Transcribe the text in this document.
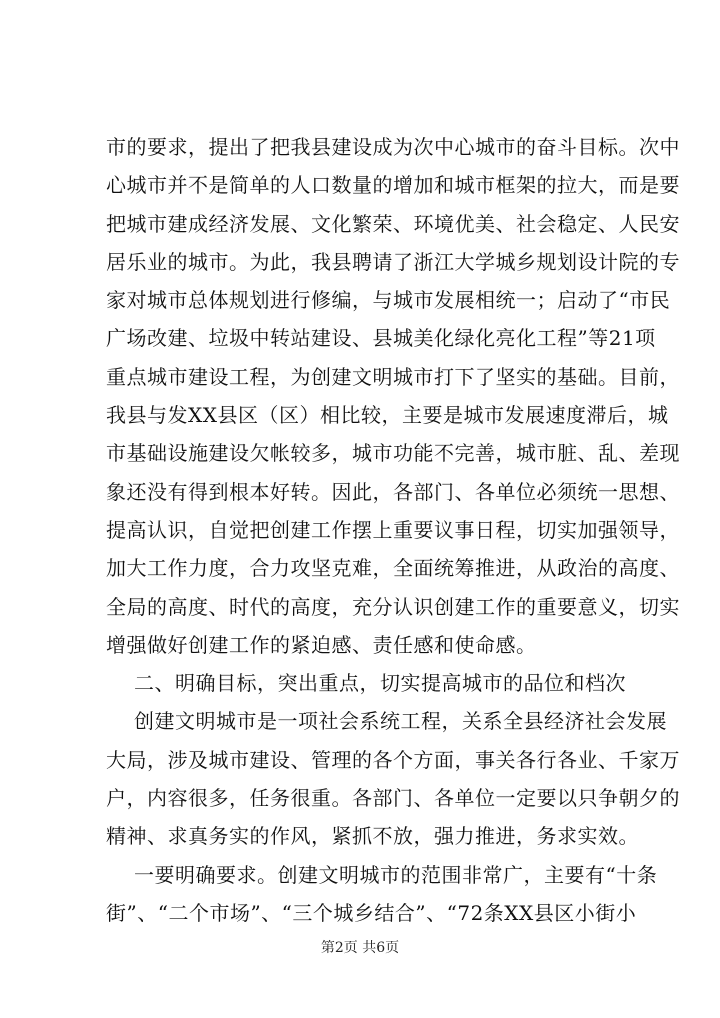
市的要求，提出了把我县建设成为次中心城市的奋斗目标。次中
心城市并不是简单的人口数量的增加和城市框架的拉大，而是要
把城市建成经济发展、文化繁荣、环境优美、社会稳定、人民安
居乐业的城市。为此，我县聘请了浙江大学城乡规划设计院的专
家对城市总体规划进行修编，与城市发展相统一；启动了“市民
广场改建、垃圾中转站建设、县城美化绿化亮化工程”等21项
重点城市建设工程，为创建文明城市打下了坚实的基础。目前，
我县与发XX县区（区）相比较，主要是城市发展速度滞后，城
市基础设施建设欠帐较多，城市功能不完善，城市脏、乱、差现
象还没有得到根本好转。因此，各部门、各单位必须统一思想、
提高认识，自觉把创建工作摆上重要议事日程，切实加强领导，
加大工作力度，合力攻坚克难，全面统筹推进，从政治的高度、
全局的高度、时代的高度，充分认识创建工作的重要意义，切实
增强做好创建工作的紧迫感、责任感和使命感。
二、明确目标，突出重点，切实提高城市的品位和档次
创建文明城市是一项社会系统工程，关系全县经济社会发展
大局，涉及城市建设、管理的各个方面，事关各行各业、千家万
户，内容很多，任务很重。各部门、各单位一定要以只争朝夕的
精神、求真务实的作风，紧抓不放，强力推进，务求实效。
一要明确要求。创建文明城市的范围非常广，主要有“十条
街”、“二个市场”、“三个城乡结合”、“72条XX县区小街小
第2页 共6页
